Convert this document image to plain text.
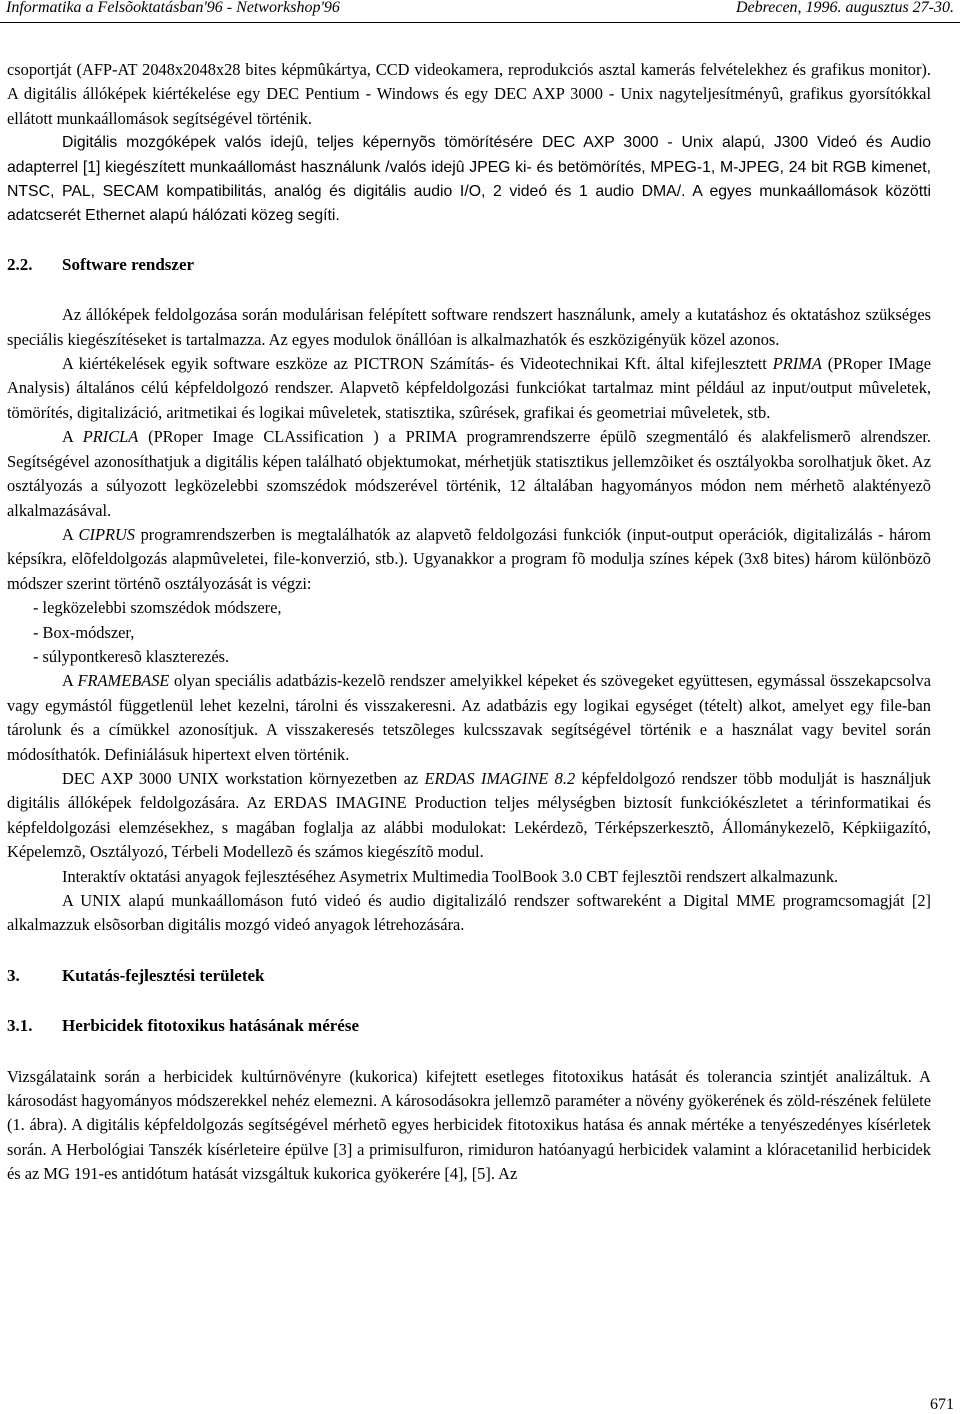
Informatika a Felsõoktatásban'96 - Networkshop'96	Debrecen, 1996. augusztus 27-30.

csoportját (AFP-AT 2048x2048x28 bites képmûkártya, CCD videokamera, reprodukciós asztal kamerás felvételekhez és grafikus monitor). A digitális állóképek kiértékelése egy DEC Pentium - Windows és egy DEC AXP 3000 - Unix nagyteljesítményû, grafikus gyorsítókkal ellátott munkaállomások segítségével történik.

Digitális mozgóképek valós idejû, teljes képernyõs tömörítésére DEC AXP 3000 - Unix alapú, J300 Videó és Audio adapterrel [1] kiegészített munkaállomást használunk /valós idejû JPEG ki- és betömörítés, MPEG-1, M-JPEG, 24 bit RGB kimenet, NTSC, PAL, SECAM kompatibilitás, analóg és digitális audio I/O, 2 videó és 1 audio DMA/. A egyes munkaállomások közötti adatcserét Ethernet alapú hálózati közeg segíti.

2.2. Software rendszer

Az állóképek feldolgozása során modulárisan felépített software rendszert használunk, amely a kutatáshoz és oktatáshoz szükséges speciális kiegészítéseket is tartalmazza. Az egyes modulok önállóan is alkalmazhatók és eszközigényük közel azonos.

A kiértékelések egyik software eszköze az PICTRON Számítás- és Videotechnikai Kft. által kifejlesztett PRIMA (PRoper IMage Analysis) általános célú képfeldolgozó rendszer. Alapvetõ képfeldolgozási funkciókat tartalmaz mint például az input/output mûveletek, tömörítés, digitalizáció, aritmetikai és logikai mûveletek, statisztika, szûrések, grafikai és geometriai mûveletek, stb.

A PRICLA (PRoper Image CLAssification ) a PRIMA programrendszerre épülõ szegmentáló és alakfelismerõ alrendszer. Segítségével azonosíthatjuk a digitális képen található objektumokat, mérhetjük statisztikus jellemzõiket és osztályokba sorolhatjuk õket. Az osztályozás a súlyozott legközelebbi szomszédok módszerével történik, 12 általában hagyományos módon nem mérhetõ alaktényezõ alkalmazásával.

A CIPRUS programrendszerben is megtalálhatók az alapvetõ feldolgozási funkciók (input-output operációk, digitalizálás - három képsíkra, elõfeldolgozás alapmûveletei, file-konverzió, stb.). Ugyanakkor a program fõ modulja színes képek (3x8 bites) három különbözõ módszer szerint történõ osztályozását is végzi:

- legközelebbi szomszédok módszere,

- Box-módszer,

- súlypontkeresõ klaszterezés.

A FRAMEBASE olyan speciális adatbázis-kezelõ rendszer amelyikkel képeket és szövegeket együttesen, egymással összekapcsolva vagy egymástól függetlenül lehet kezelni, tárolni és visszakeresni. Az adatbázis egy logikai egységet (tételt) alkot, amelyet egy file-ban tárolunk és a címükkel azonosítjuk. A visszakeresés tetszõleges kulcsszavak segítségével történik e a használat vagy bevitel során módosíthatók. Definiálásuk hipertext elven történik.

DEC AXP 3000 UNIX workstation környezetben az ERDAS IMAGINE 8.2 képfeldolgozó rendszer több modulját is használjuk digitális állóképek feldolgozására. Az ERDAS IMAGINE Production teljes mélységben biztosít funkciókészletet a térinformatikai és képfeldolgozási elemzésekhez, s magában foglalja az alábbi modulokat: Lekérdezõ, Térképszerkesztõ, Állománykezelõ, Képkiigazító, Képelemzõ, Osztályozó, Térbeli Modellezõ és számos kiegészítõ modul.

Interaktív oktatási anyagok fejlesztéséhez Asymetrix Multimedia ToolBook 3.0 CBT fejlesztõi rendszert alkalmazunk.

A UNIX alapú munkaállomáson futó videó és audio digitalizáló rendszer softwareként a Digital MME programcsomagját [2] alkalmazzuk elsõsorban digitális mozgó videó anyagok létrehozására.

3. Kutatás-fejlesztési területek
3.1. Herbicidek fitotoxikus hatásának mérése

Vizsgálataink során a herbicidek kultúrnövényre (kukorica) kifejtett esetleges fitotoxikus hatását és tolerancia szintjét analizáltuk. A károsodást hagyományos módszerekkel nehéz elemezni. A károsodásokra jellemzõ paraméter a növény gyökerének és zöld-részének felülete (1. ábra). A digitális képfeldolgozás segítségével mérhetõ egyes herbicidek fitotoxikus hatása és annak mértéke a tenyészedényes kísérletek során. A Herbológiai Tanszék kísérleteire épülve [3] a primisulfuron, rimiduron hatóanyagú herbicidek valamint a klóracetanilid herbicidek és az MG 191-es antidótum hatását vizsgáltuk kukorica gyökerére [4], [5]. Az

671
